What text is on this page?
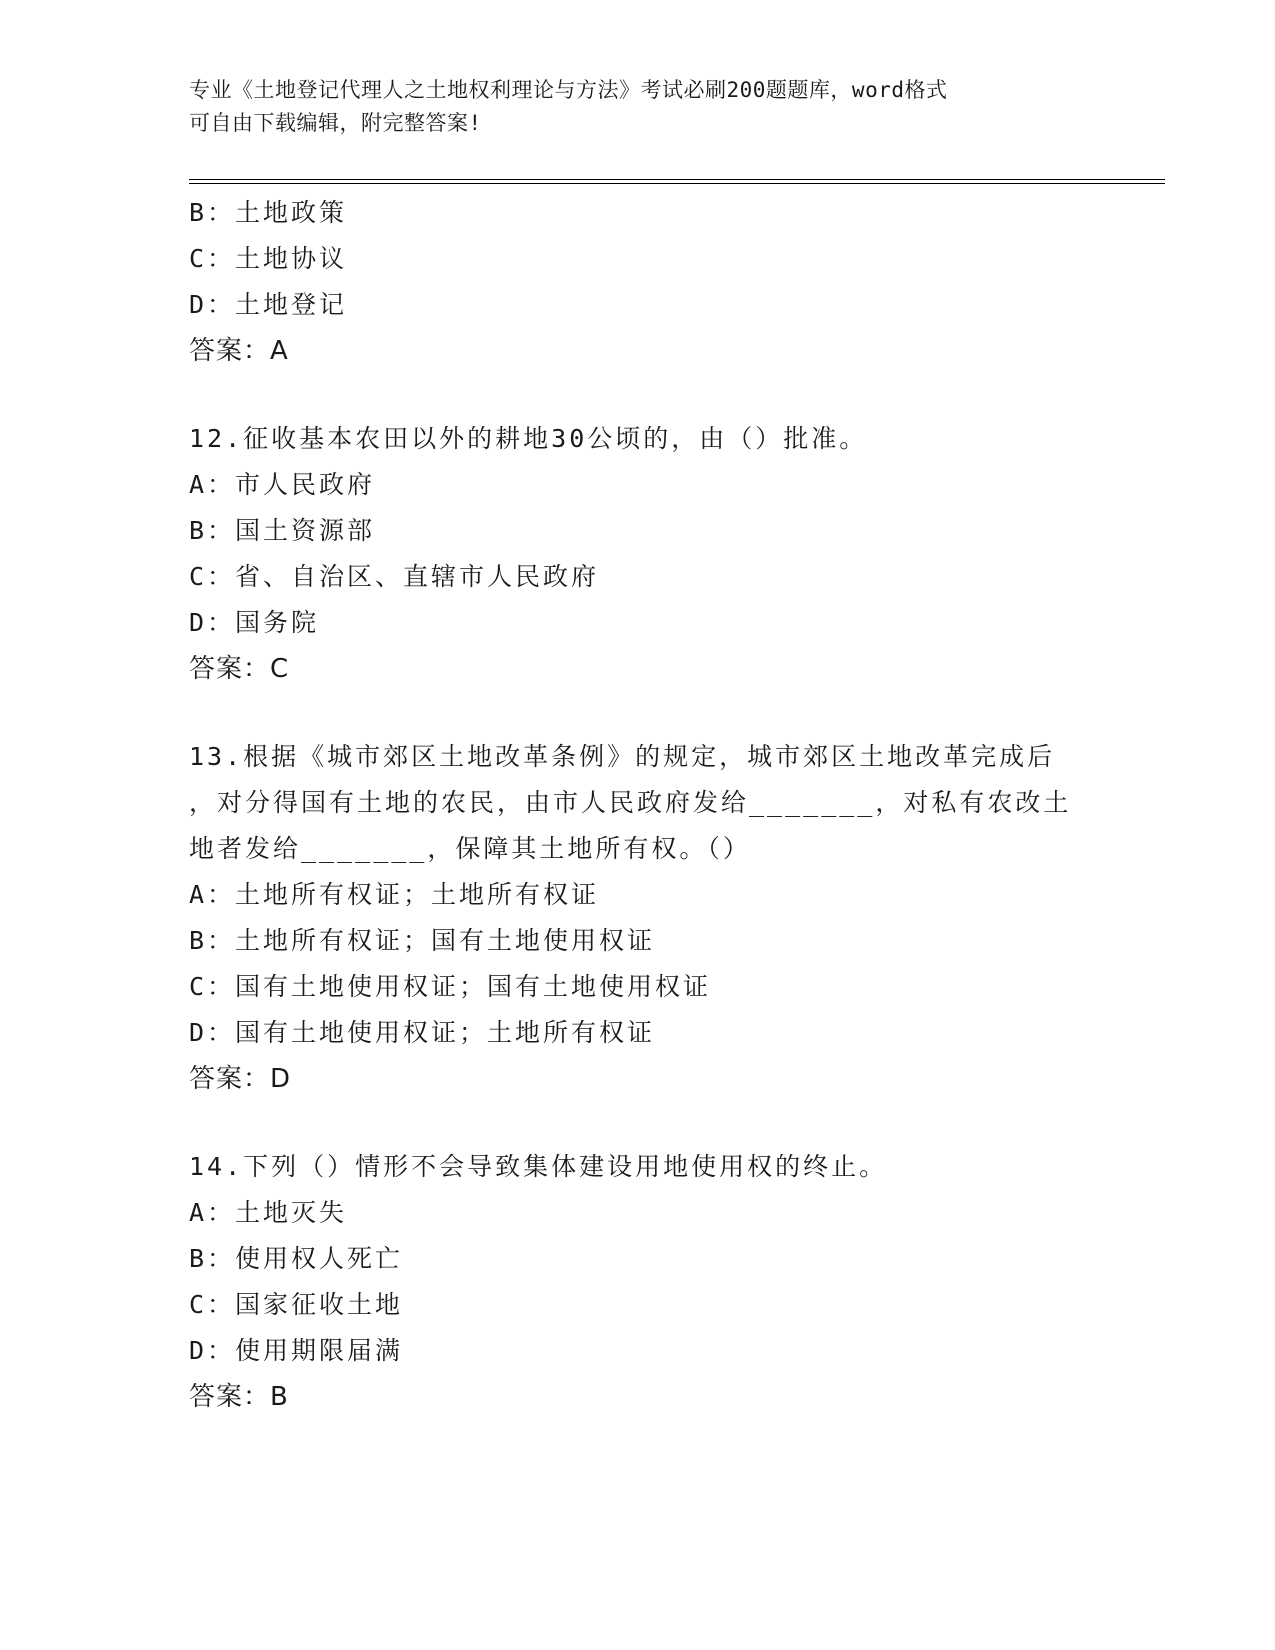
专业《土地登记代理人之土地权利理论与方法》考试必刷200题题库，word格式
可自由下载编辑，附完整答案!
B：土地政策
C：土地协议
D：土地登记
答案：A
12.征收基本农田以外的耕地30公顷的，由（）批准。
A：市人民政府
B：国土资源部
C：省、自治区、直辖市人民政府
D：国务院
答案：C
13.根据《城市郊区土地改革条例》的规定，城市郊区土地改革完成后
，对分得国有土地的农民，由市人民政府发给_______，对私有农改土
地者发给_______，保障其土地所有权。（）
A：土地所有权证；土地所有权证
B：土地所有权证；国有土地使用权证
C：国有土地使用权证；国有土地使用权证
D：国有土地使用权证；土地所有权证
答案：D
14.下列（）情形不会导致集体建设用地使用权的终止。
A：土地灭失
B：使用权人死亡
C：国家征收土地
D：使用期限届满
答案：B
